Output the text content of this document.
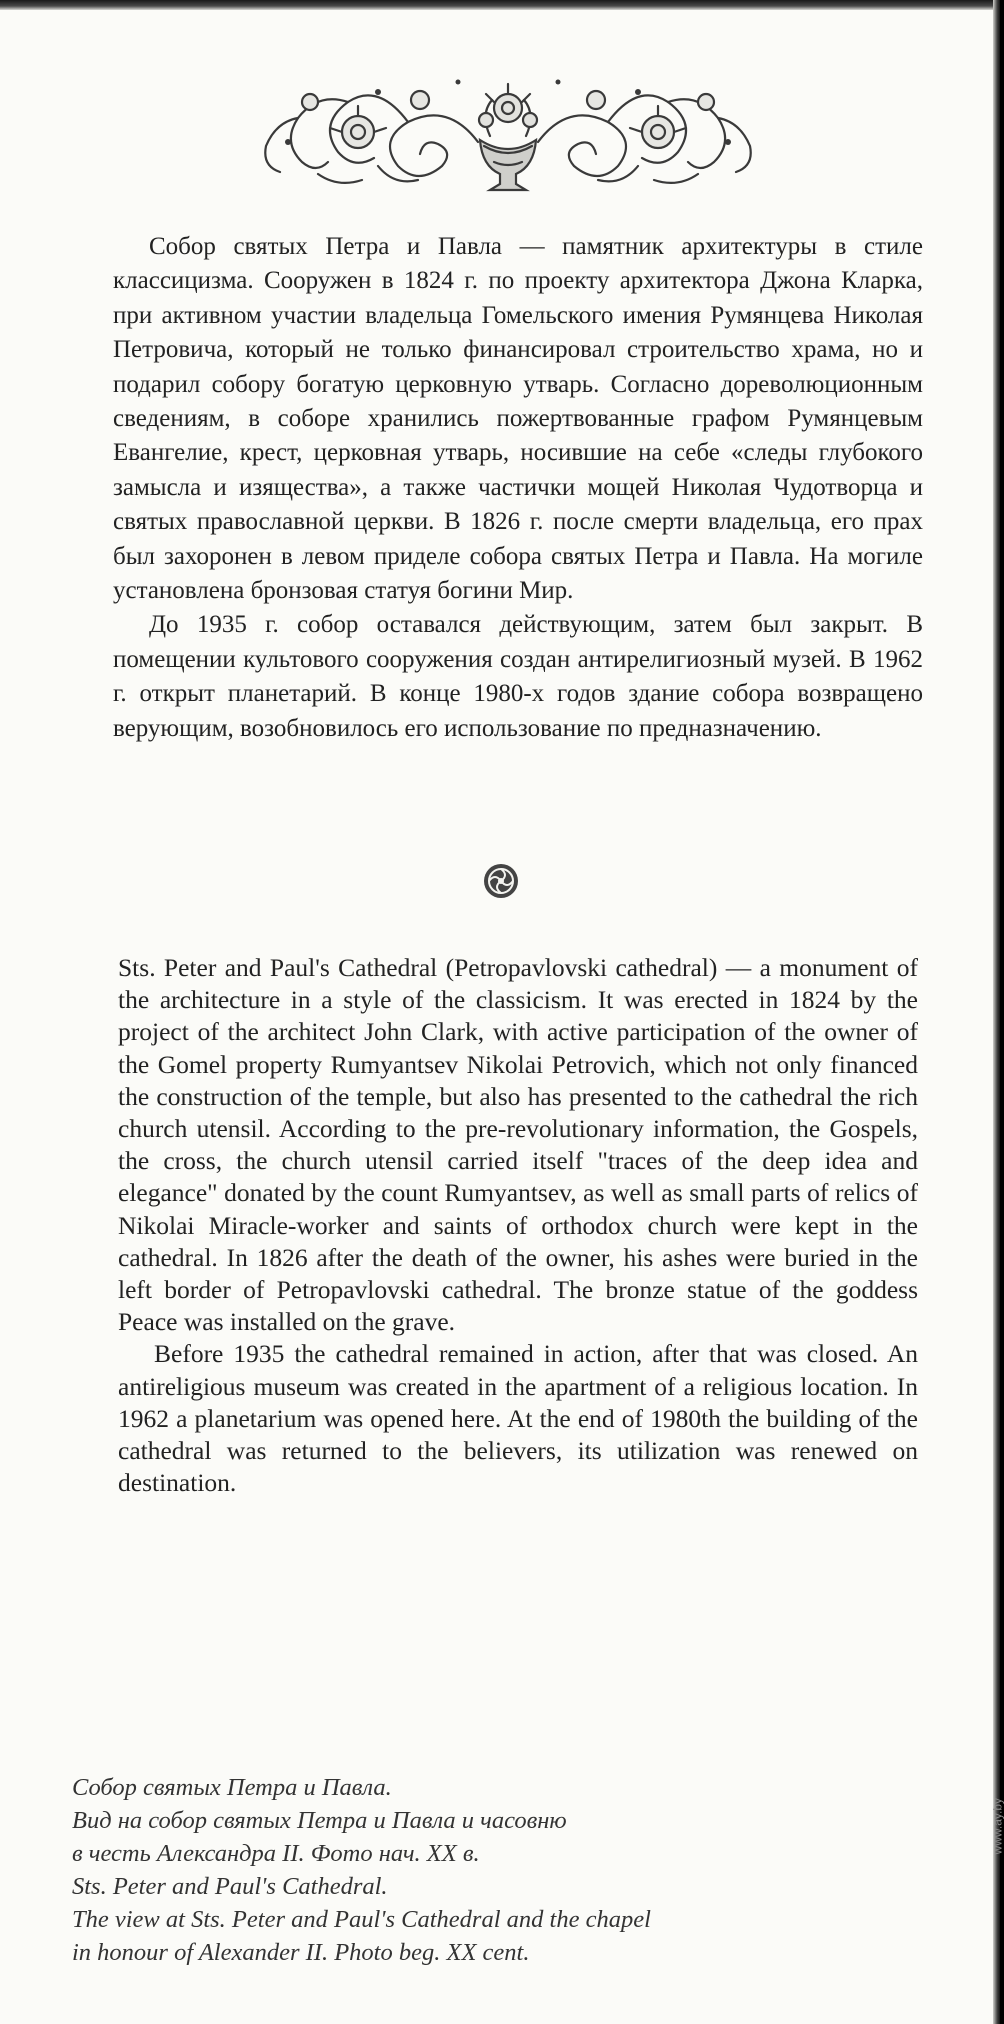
Собор святых Петра и Павла — памятник архитектуры в стиле классицизма. Сооружен в 1824 г. по проекту архитектора Джона Кларка, при активном участии владельца Гомельского имения Румянцева Николая Петровича, который не только финансировал строительство храма, но и подарил собору богатую церковную утварь. Согласно дореволюционным сведениям, в соборе хранились пожертвованные графом Румянцевым Евангелие, крест, церковная утварь, носившие на себе «следы глубокого замысла и изящества», а также частички мощей Николая Чудотворца и святых православной церкви. В 1826 г. после смерти владельца, его прах был захоронен в левом приделе собора святых Петра и Павла. На могиле установлена бронзовая статуя богини Мир.

До 1935 г. собор оставался действующим, затем был закрыт. В помещении культового сооружения создан антирелигиозный музей. В 1962 г. открыт планетарий. В конце 1980-х годов здание собора возвращено верующим, возобновилось его использование по предназначению.

Sts. Peter and Paul's Cathedral (Petropavlovski cathedral) — a monument of the architecture in a style of the classicism. It was erected in 1824 by the project of the architect John Clark, with active participation of the owner of the Gomel property Rumyantsev Nikolai Petrovich, which not only financed the construction of the temple, but also has presented to the cathedral the rich church utensil. According to the pre-revolutionary information, the Gospels, the cross, the church utensil carried itself "traces of the deep idea and elegance" donated by the count Rumyantsev, as well as small parts of relics of Nikolai Miracle-worker and saints of orthodox church were kept in the cathedral. In 1826 after the death of the owner, his ashes were buried in the left border of Petropavlovski cathedral. The bronze statue of the goddess Peace was installed on the grave.

Before 1935 the cathedral remained in action, after that was closed. An antireligious museum was created in the apartment of a religious location. In 1962 a planetarium was opened here. At the end of 1980th the building of the cathedral was returned to the believers, its utilization was renewed on destination.

Собор святых Петра и Павла.
Вид на собор святых Петра и Павла и часовню
в честь Александра II. Фото нач. XX в.
Sts. Peter and Paul's Cathedral.
The view at Sts. Peter and Paul's Cathedral and the chapel
in honour of Alexander II. Photo beg. XX cent.
www.ay.by
